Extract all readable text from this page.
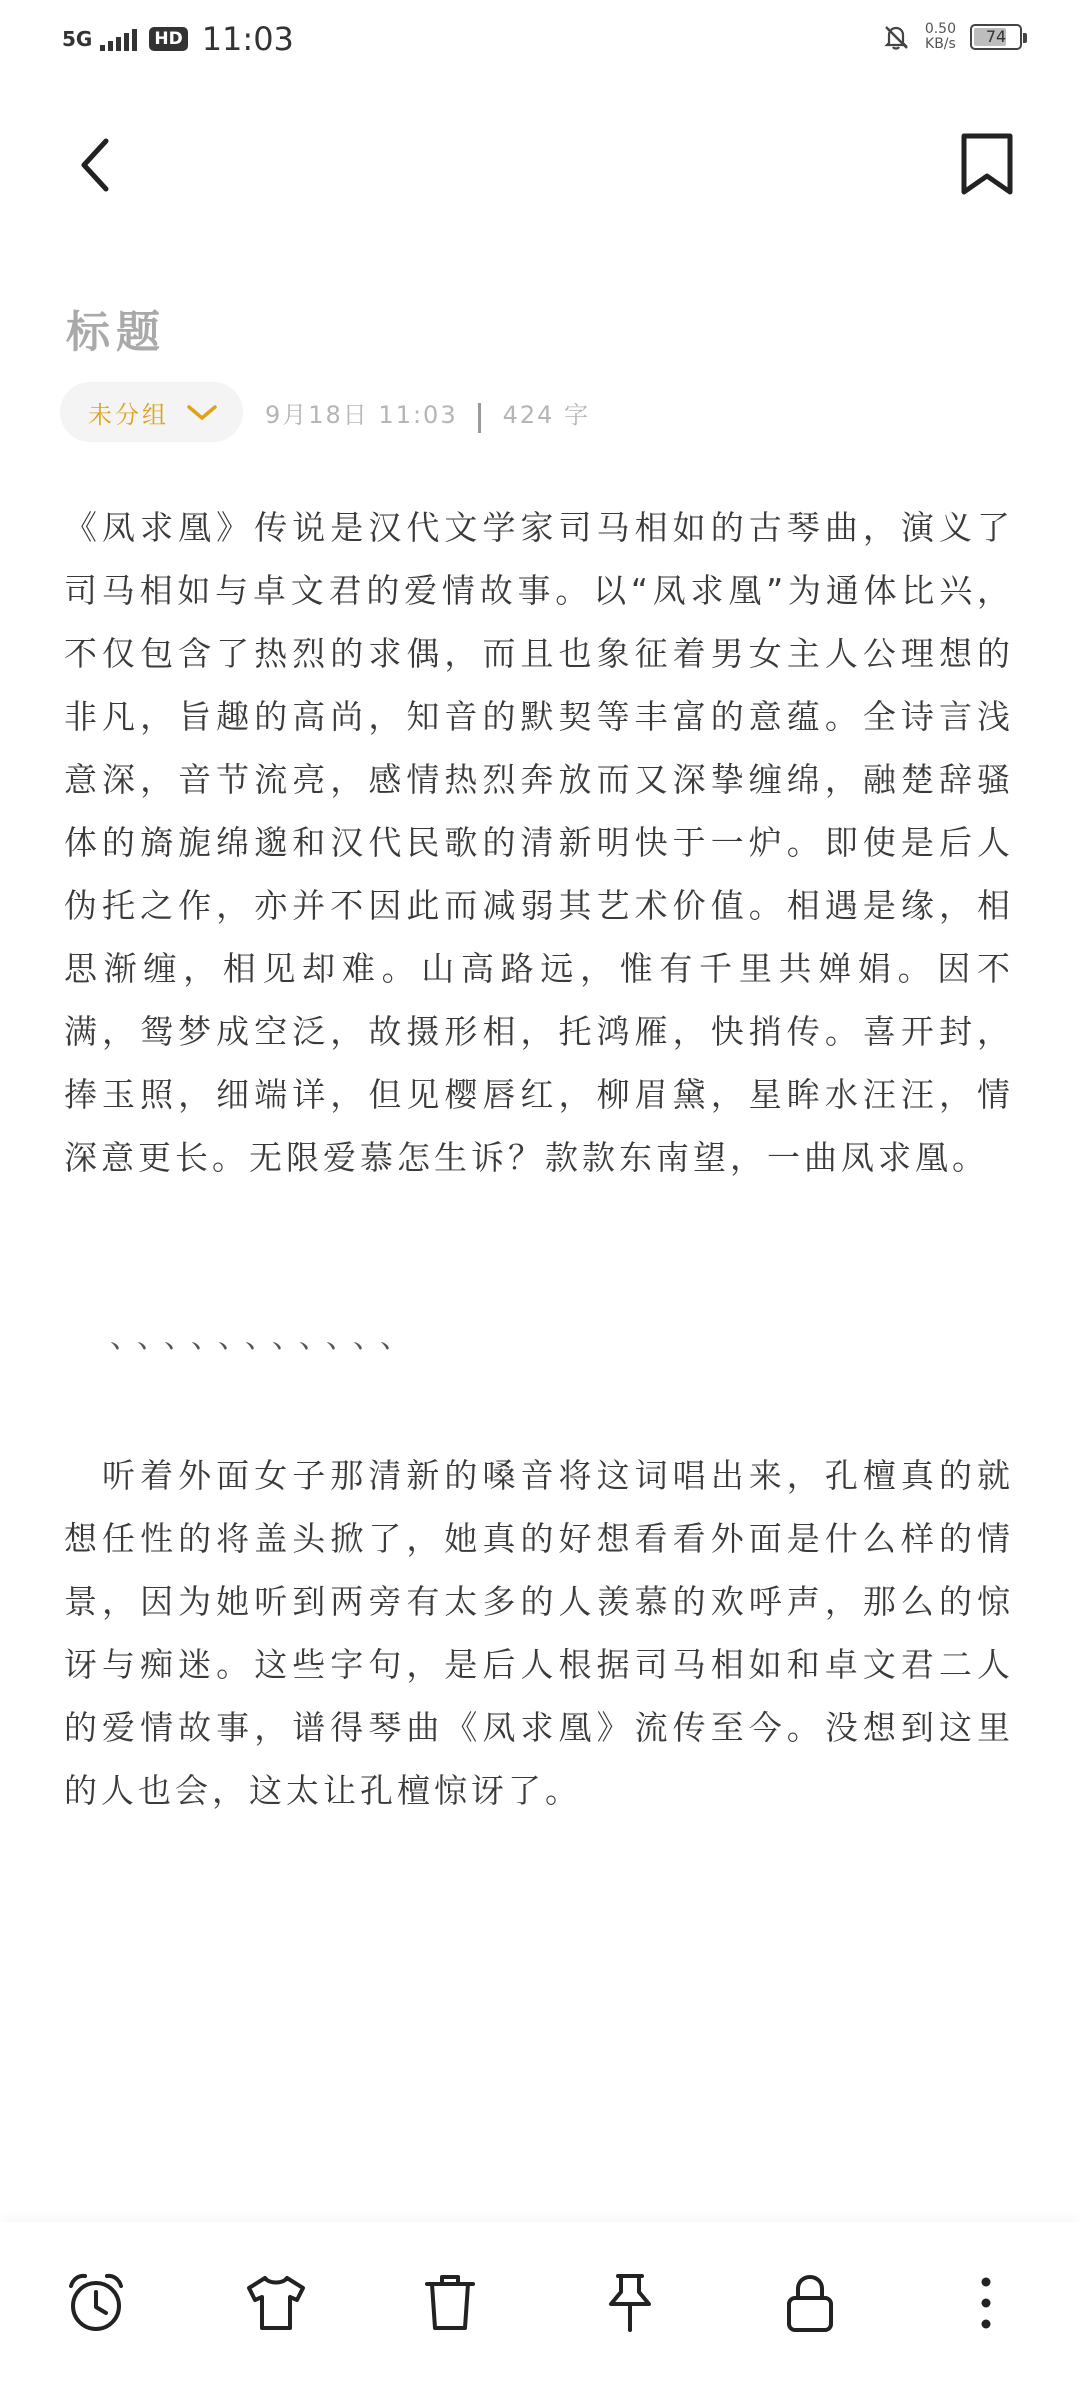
5G	HD 11:03	0.50
KB/s	74
标题
未分组	9月18日 11:03 424 字

《凤求凰》传说是汉代文学家司马相如的古琴曲，演义了司马相如与卓文君的爱情故事。以“凤求凰”为通体比兴，不仅包含了热烈的求偶，而且也象征着男女主人公理想的非凡，旨趣的高尚，知音的默契等丰富的意蕴。全诗言浅意深，音节流亮，感情热烈奔放而又深挚缠绵，融楚辞骚体的旖旎绵邈和汉代民歌的清新明快于一炉。即使是后人伪托之作，亦并不因此而减弱其艺术价值。相遇是缘，相思渐缠，相见却难。山高路远，惟有千里共婵娟。因不满，鸳梦成空泛，故摄形相，托鸿雁，快捎传。喜开封，捧玉照，细端详，但见樱唇红，柳眉黛，星眸水汪汪，情深意更长。无限爱慕怎生诉？款款东南望，一曲凤求凰。

、、、、、、、、、、、

　听着外面女子那清新的嗓音将这词唱出来，孔檀真的就想任性的将盖头掀了，她真的好想看看外面是什么样的情景，因为她听到两旁有太多的人羡慕的欢呼声，那么的惊讶与痴迷。这些字句，是后人根据司马相如和卓文君二人的爱情故事，谱得琴曲《凤求凰》流传至今。没想到这里的人也会，这太让孔檀惊讶了。
